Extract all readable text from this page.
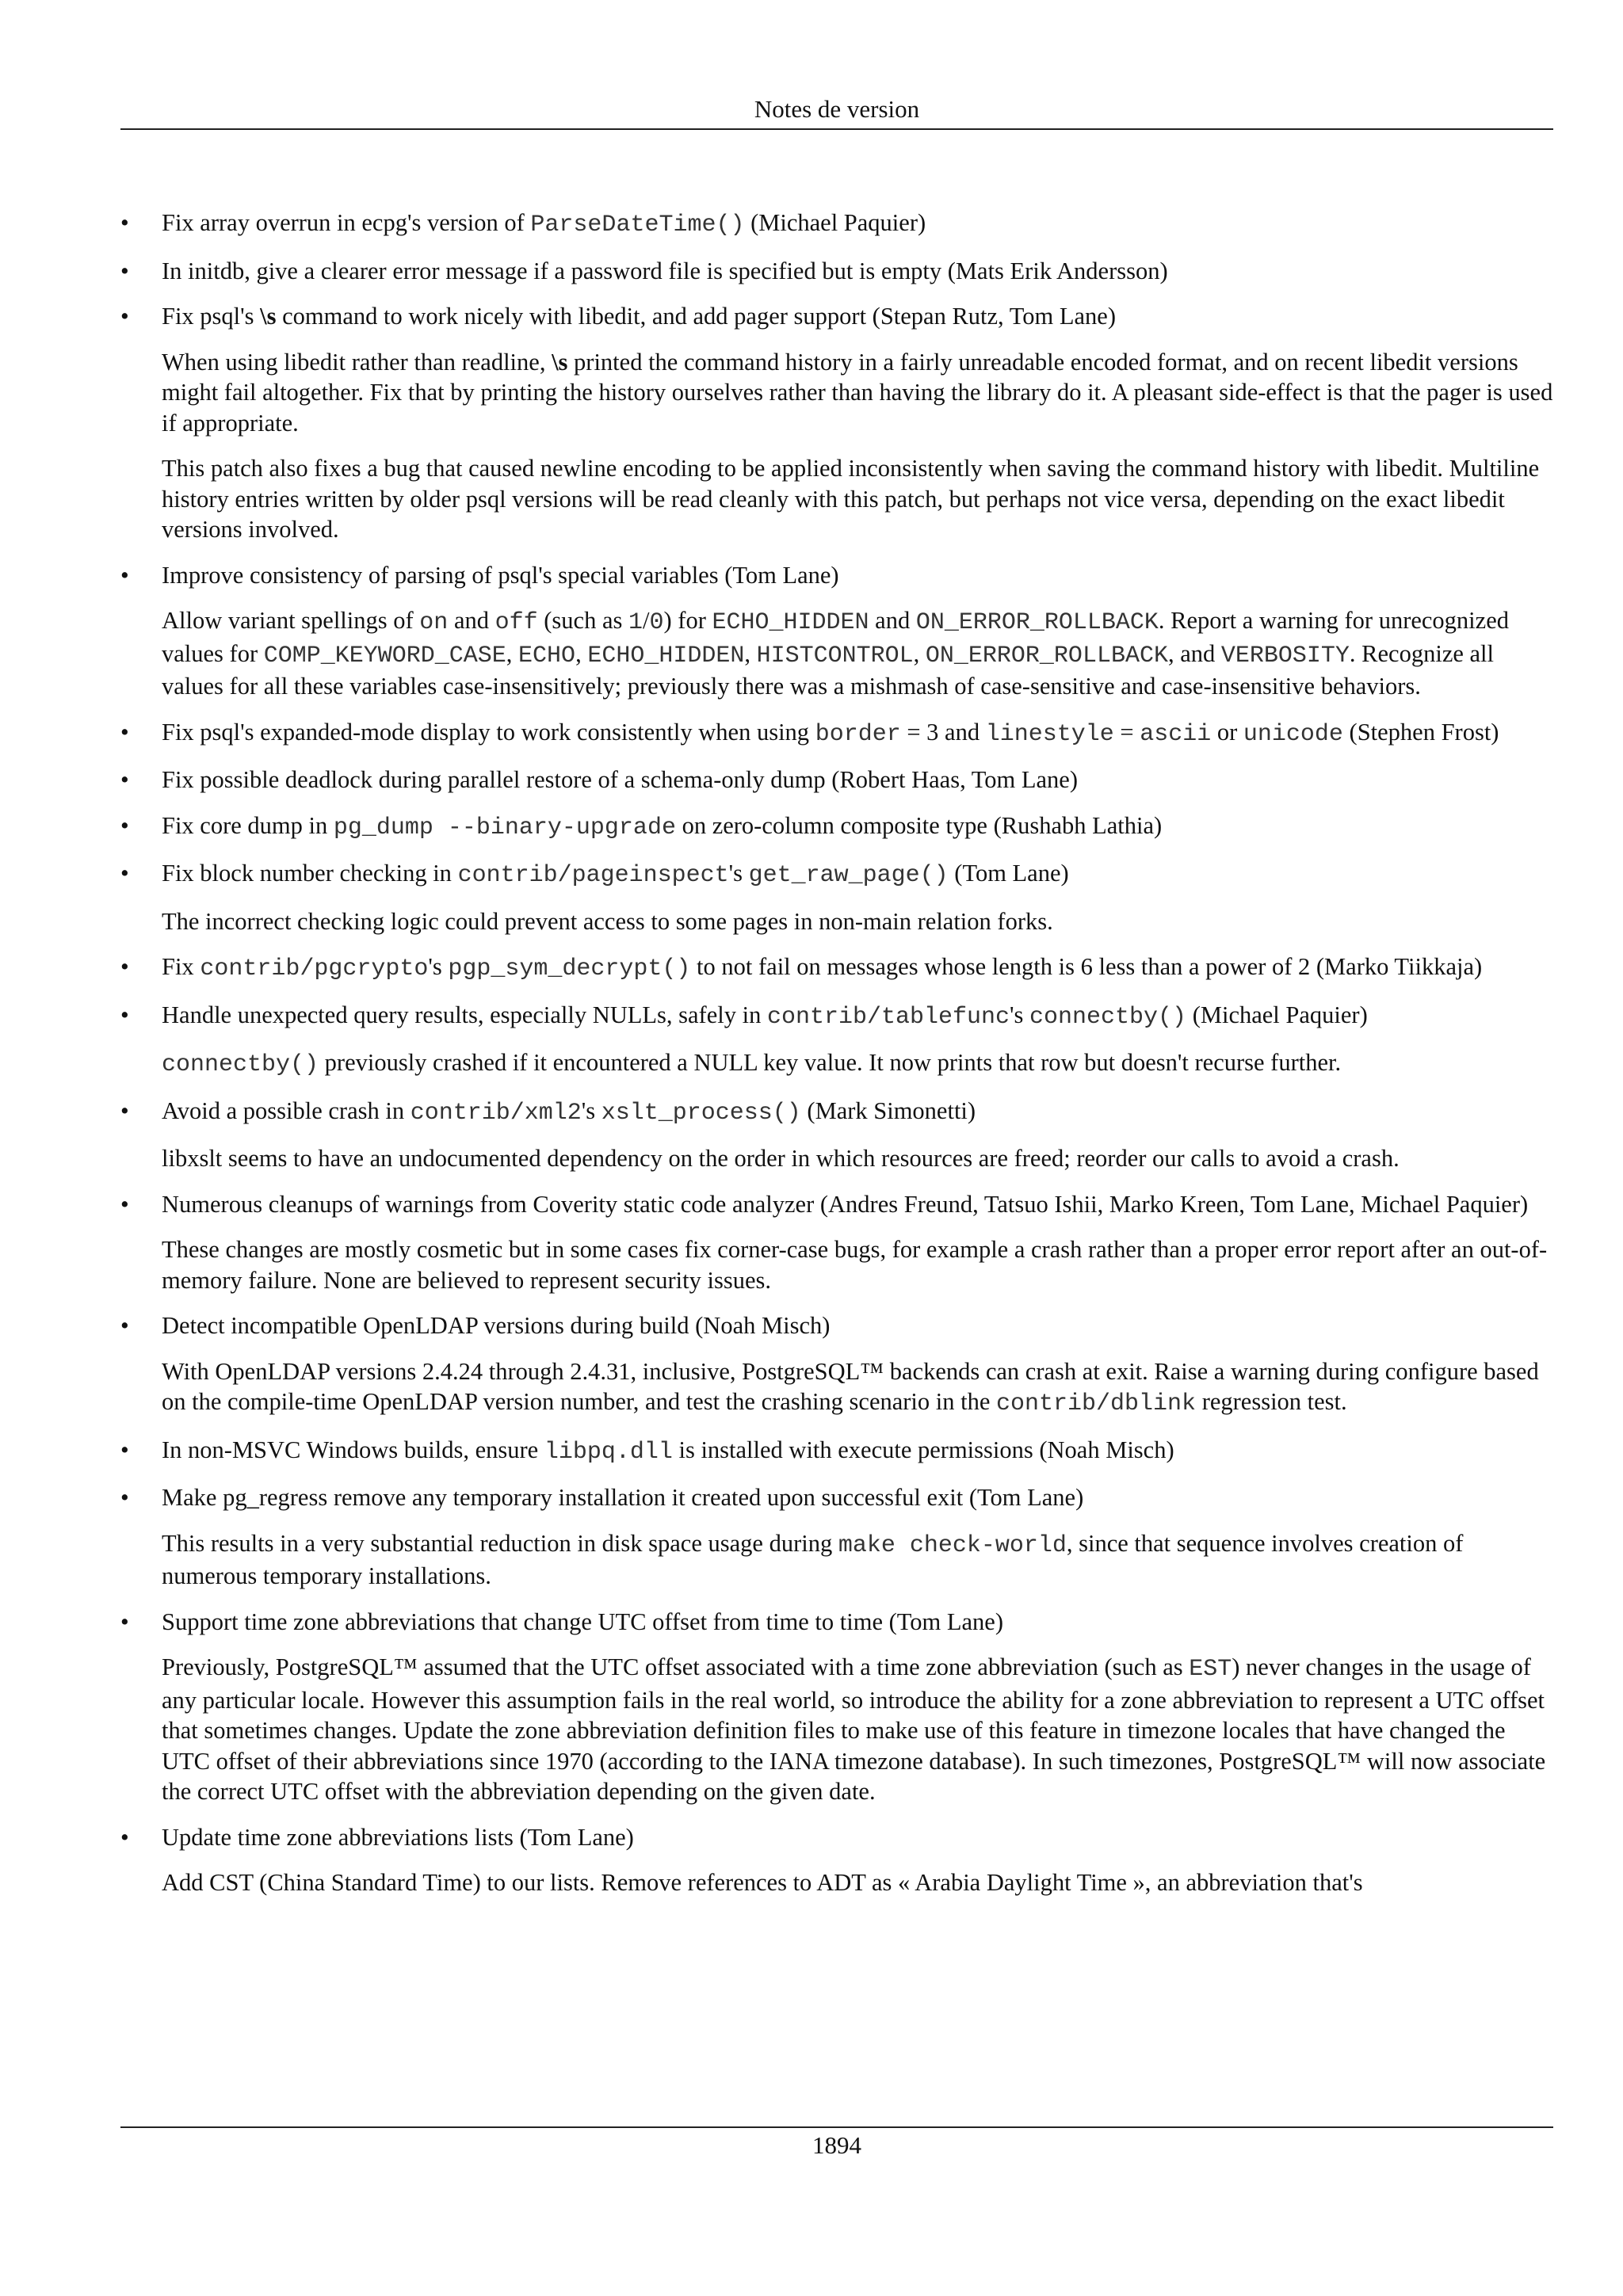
Notes de version
• Fix array overrun in ecpg's version of ParseDateTime() (Michael Paquier)

• In initdb, give a clearer error message if a password file is specified but is empty (Mats Erik Andersson)

• Fix psql's \s command to work nicely with libedit, and add pager support (Stepan Rutz, Tom Lane)

When using libedit rather than readline, \s printed the command history in a fairly unreadable encoded format, and on recent libedit versions might fail altogether. Fix that by printing the history ourselves rather than having the library do it. A pleasant side-effect is that the pager is used if appropriate.

This patch also fixes a bug that caused newline encoding to be applied inconsistently when saving the command history with libedit. Multiline history entries written by older psql versions will be read cleanly with this patch, but perhaps not vice versa, depending on the exact libedit versions involved.

• Improve consistency of parsing of psql's special variables (Tom Lane)

Allow variant spellings of on and off (such as 1/0) for ECHO_HIDDEN and ON_ERROR_ROLLBACK. Report a warning for unrecognized values for COMP_KEYWORD_CASE, ECHO, ECHO_HIDDEN, HISTCONTROL, ON_ERROR_ROLLBACK, and VERBOSITY. Recognize all values for all these variables case-insensitively; previously there was a mishmash of case-sensitive and case-insensitive behaviors.

• Fix psql's expanded-mode display to work consistently when using border = 3 and linestyle = ascii or unicode (Stephen Frost)

• Fix possible deadlock during parallel restore of a schema-only dump (Robert Haas, Tom Lane)

• Fix core dump in pg_dump --binary-upgrade on zero-column composite type (Rushabh Lathia)

• Fix block number checking in contrib/pageinspect's get_raw_page() (Tom Lane)

The incorrect checking logic could prevent access to some pages in non-main relation forks.

• Fix contrib/pgcrypto's pgp_sym_decrypt() to not fail on messages whose length is 6 less than a power of 2 (Marko Tiikkaja)

• Handle unexpected query results, especially NULLs, safely in contrib/tablefunc's connectby() (Michael Paquier)

connectby() previously crashed if it encountered a NULL key value. It now prints that row but doesn't recurse further.

• Avoid a possible crash in contrib/xml2's xslt_process() (Mark Simonetti)

libxslt seems to have an undocumented dependency on the order in which resources are freed; reorder our calls to avoid a crash.

• Numerous cleanups of warnings from Coverity static code analyzer (Andres Freund, Tatsuo Ishii, Marko Kreen, Tom Lane, Michael Paquier)

These changes are mostly cosmetic but in some cases fix corner-case bugs, for example a crash rather than a proper error report after an out-of-memory failure. None are believed to represent security issues.

• Detect incompatible OpenLDAP versions during build (Noah Misch)

With OpenLDAP versions 2.4.24 through 2.4.31, inclusive, PostgreSQL™ backends can crash at exit. Raise a warning during configure based on the compile-time OpenLDAP version number, and test the crashing scenario in the contrib/dblink regression test.

• In non-MSVC Windows builds, ensure libpq.dll is installed with execute permissions (Noah Misch)

• Make pg_regress remove any temporary installation it created upon successful exit (Tom Lane)

This results in a very substantial reduction in disk space usage during make check-world, since that sequence involves creation of numerous temporary installations.

• Support time zone abbreviations that change UTC offset from time to time (Tom Lane)

Previously, PostgreSQL™ assumed that the UTC offset associated with a time zone abbreviation (such as EST) never changes in the usage of any particular locale. However this assumption fails in the real world, so introduce the ability for a zone abbreviation to represent a UTC offset that sometimes changes. Update the zone abbreviation definition files to make use of this feature in timezone locales that have changed the UTC offset of their abbreviations since 1970 (according to the IANA timezone database). In such timezones, PostgreSQL™ will now associate the correct UTC offset with the abbreviation depending on the given date.

• Update time zone abbreviations lists (Tom Lane)

Add CST (China Standard Time) to our lists. Remove references to ADT as « Arabia Daylight Time », an abbreviation that's

1894
